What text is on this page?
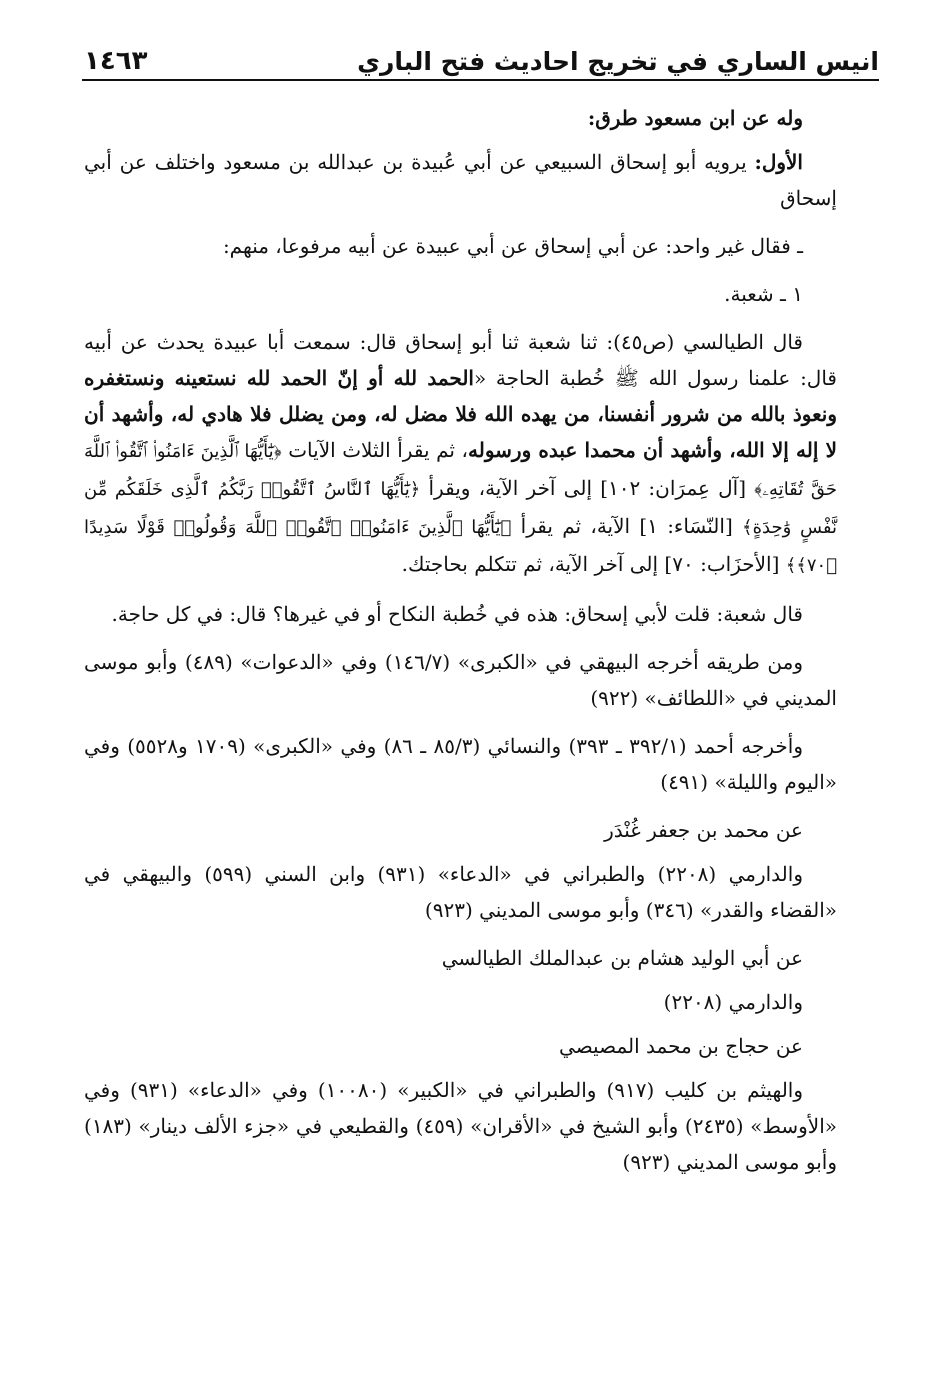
انيس الساري في تخريج احاديث فتح الباري
١٤٦٣

وله عن ابن مسعود طرق:

الأول: يرويه أبو إسحاق السبيعي عن أبي عُبيدة بن عبدالله بن مسعود واختلف عن أبي إسحاق

ـ فقال غير واحد: عن أبي إسحاق عن أبي عبيدة عن أبيه مرفوعا، منهم:

١ ـ شعبة.

قال الطيالسي (ص٤٥): ثنا شعبة ثنا أبو إسحاق قال: سمعت أبا عبيدة يحدث عن أبيه قال: علمنا رسول الله ﷺ خُطبة الحاجة «الحمد لله أو إنّ الحمد لله نستعينه ونستغفره ونعوذ بالله من شرور أنفسنا، من يهده الله فلا مضل له، ومن يضلل فلا هادي له، وأشهد أن لا إله إلا الله، وأشهد أن محمدا عبده ورسوله، ثم يقرأ الثلاث الآيات ﴿يَٰٓأَيُّهَا ٱلَّذِينَ ءَامَنُوا۟ ٱتَّقُوا۟ ٱللَّهَ حَقَّ تُقَاتِهِۦ﴾ [آل عِمرَان: ١٠٢] إلى آخر الآية، ويقرأ ﴿يَٰٓأَيُّهَا ٱلنَّاسُ ٱتَّقُوا۟ رَبَّكُمُ ٱلَّذِى خَلَقَكُم مِّن نَّفْسٍ وَٰحِدَةٍ﴾ [النّسَاء: ١] الآية، ثم يقرأ ﴿يَٰٓأَيُّهَا ٱلَّذِينَ ءَامَنُوا۟ ٱتَّقُوا۟ ٱللَّهَ وَقُولُوا۟ قَوْلًا سَدِيدًا ﴿٧٠﴾﴾ [الأحزَاب: ٧٠] إلى آخر الآية، ثم تتكلم بحاجتك.

قال شعبة: قلت لأبي إسحاق: هذه في خُطبة النكاح أو في غيرها؟ قال: في كل حاجة.

ومن طريقه أخرجه البيهقي في «الكبرى» (١٤٦/٧) وفي «الدعوات» (٤٨٩) وأبو موسى المديني في «اللطائف» (٩٢٢)

وأخرجه أحمد (٣٩٢/١ ـ ٣٩٣) والنسائي (٨٥/٣ ـ ٨٦) وفي «الكبرى» (١٧٠٩ و٥٥٢٨) وفي «اليوم والليلة» (٤٩١)

عن محمد بن جعفر غُنْدَر

والدارمي (٢٢٠٨) والطبراني في «الدعاء» (٩٣١) وابن السني (٥٩٩) والبيهقي في «القضاء والقدر» (٣٤٦) وأبو موسى المديني (٩٢٣)

عن أبي الوليد هشام بن عبدالملك الطيالسي

والدارمي (٢٢٠٨)

عن حجاج بن محمد المصيصي

والهيثم بن كليب (٩١٧) والطبراني في «الكبير» (١٠٠٨٠) وفي «الدعاء» (٩٣١) وفي «الأوسط» (٢٤٣٥) وأبو الشيخ في «الأقران» (٤٥٩) والقطيعي في «جزء الألف دينار» (١٨٣) وأبو موسى المديني (٩٢٣)
